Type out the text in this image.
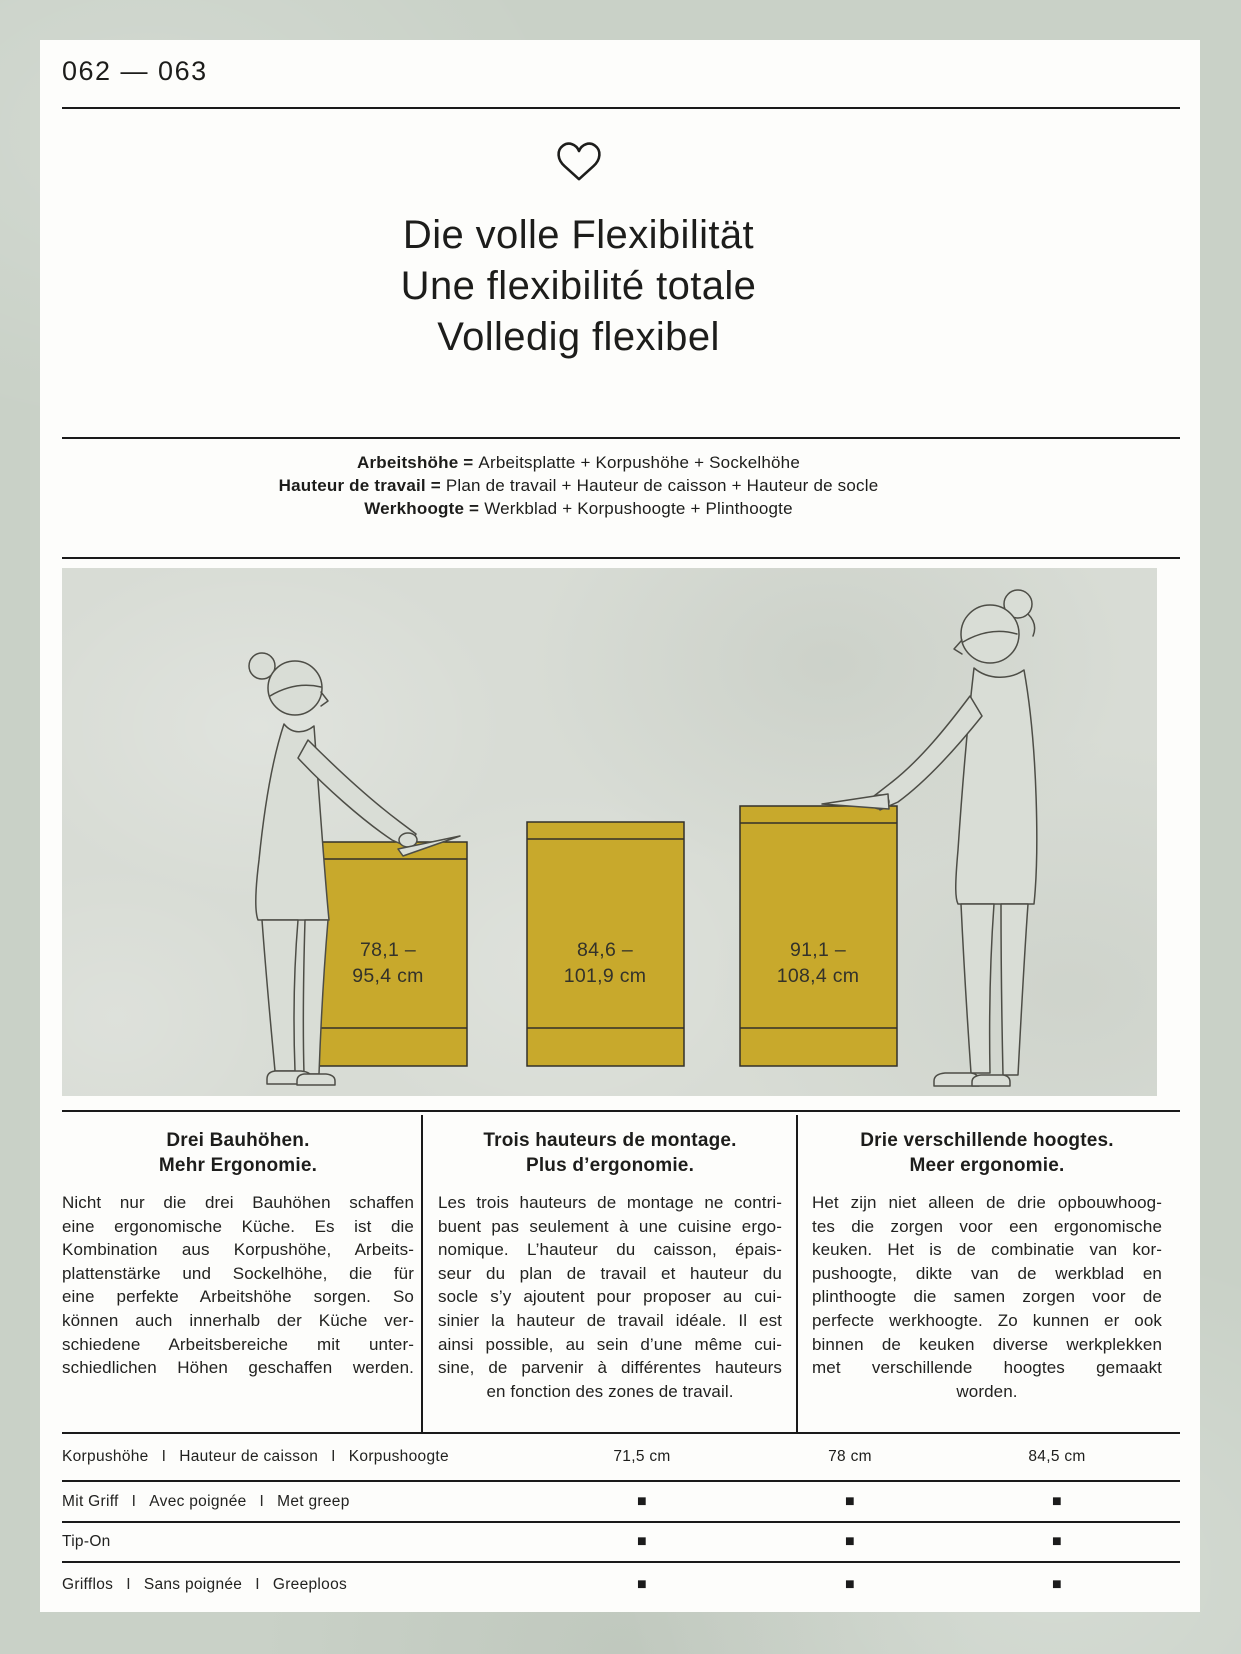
062 — 063
Die volle Flexibilität
Une flexibilité totale
Volledig flexibel
Arbeitshöhe = Arbeitsplatte + Korpushöhe + Sockelhöhe
Hauteur de travail = Plan de travail + Hauteur de caisson + Hauteur de socle
Werkhoogte = Werkblad + Korpushoogte + Plinthoogte
78,1 –
95,4 cm
84,6 –
101,9 cm
91,1 –
108,4 cm
Drei Bauhöhen.
Mehr Ergonomie.
Nicht nur die drei Bauhöhen schaffen
eine ergonomische Küche. Es ist die
Kombination aus Korpushöhe, Arbeits-
plattenstärke und Sockelhöhe, die für
eine perfekte Arbeitshöhe sorgen. So
können auch innerhalb der Küche ver-
schiedene Arbeitsbereiche mit unter-
schiedlichen Höhen geschaffen werden.
Trois hauteurs de montage.
Plus d’ergonomie.
Les trois hauteurs de montage ne contri-
buent pas seulement à une cuisine ergo-
nomique. L’hauteur du caisson, épais-
seur du plan de travail et hauteur du
socle s’y ajoutent pour proposer au cui-
sinier la hauteur de travail idéale. Il est
ainsi possible, au sein d’une même cui-
sine, de parvenir à différentes hauteurs
en fonction des zones de travail.
Drie verschillende hoogtes.
Meer ergonomie.
Het zijn niet alleen de drie opbouwhoog-
tes die zorgen voor een ergonomische
keuken. Het is de combinatie van kor-
pushoogte, dikte van de werkblad en
plinthoogte die samen zorgen voor de
perfecte werkhoogte. Zo kunnen er ook
binnen de keuken diverse werkplekken
met verschillende hoogtes gemaakt
worden.
Korpushöhe I Hauteur de caisson I Korpushoogte	71,5 cm	78 cm	84,5 cm
Mit Griff I Avec poignée I Met greep	■	■	■
Tip-On	■	■	■
Grifflos I Sans poignée I Greeploos	■	■	■
